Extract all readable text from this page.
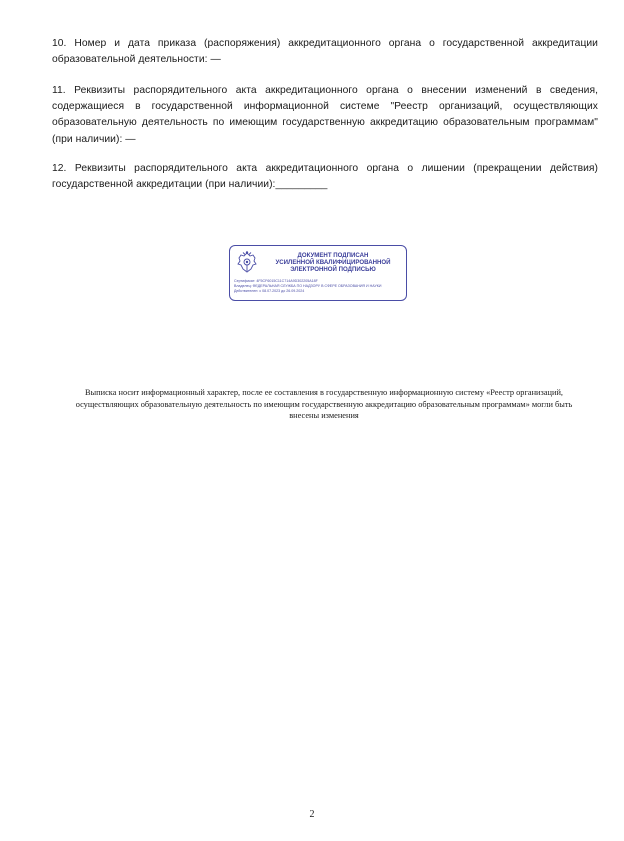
10. Номер и дата приказа (распоряжения) аккредитационного органа о государственной аккредитации образовательной деятельности: —
11. Реквизиты распорядительного акта аккредитационного органа о внесении изменений в сведения, содержащиеся в государственной информационной системе "Реестр организаций, осуществляющих образовательную деятельность по имеющим государственную аккредитацию образовательным программам" (при наличии): —
12. Реквизиты распорядительного акта аккредитационного органа о лишении (прекращении действия) государственной аккредитации (при наличии):_________
ДОКУМЕНТ ПОДПИСАН
УСИЛЕННОЙ КВАЛИФИЦИРОВАННОЙ
ЭЛЕКТРОННОЙ ПОДПИСЬЮ
Сертификат: 4F5CF6015C11C714A9D302205A18F
Владелец: ФЕДЕРАЛЬНАЯ СЛУЖБА ПО НАДЗОРУ В СФЕРЕ ОБРАЗОВАНИЯ И НАУКИ
Действителен: с 08.07.2023 до 26.09.2024
Выписка носит информационный характер, после ее составления в государственную информационную систему «Реестр организаций, осуществляющих образовательную деятельность по имеющим государственную аккредитацию образовательным программам» могли быть внесены изменения
2
